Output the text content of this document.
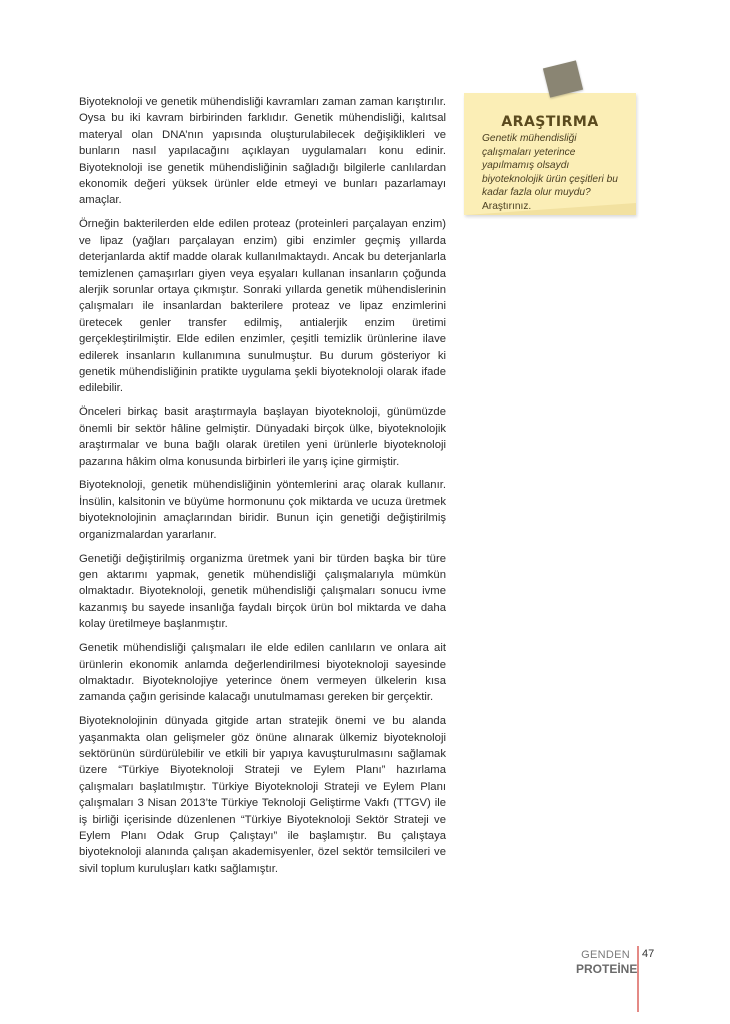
Biyoteknoloji ve genetik mühendisliği kavramları zaman zaman karıştırılır. Oysa bu iki kavram birbirinden farklıdır. Genetik mühendisliği, kalıtsal materyal olan DNA’nın yapısında oluşturulabilecek değişiklikleri ve bunların nasıl yapılacağını açıklayan uygulamaları konu edinir. Biyoteknoloji ise genetik mühendisliğinin sağladığı bilgilerle canlılardan ekonomik değeri yüksek ürünler elde etmeyi ve bunları pazarlamayı amaçlar.

Örneğin bakterilerden elde edilen proteaz (proteinleri parçalayan enzim) ve lipaz (yağları parçalayan enzim) gibi enzimler geçmiş yıllarda deterjanlarda aktif madde olarak kullanılmaktaydı. Ancak bu deterjanlarla temizlenen çamaşırları giyen veya eşyaları kullanan insanların çoğunda alerjik sorunlar ortaya çıkmıştır. Sonraki yıllarda genetik mühendislerinin çalışmaları ile insanlardan bakterilere proteaz ve lipaz enzimlerini üretecek genler transfer edilmiş, antialerjik enzim üretimi gerçekleştirilmiştir. Elde edilen enzimler, çeşitli temizlik ürünlerine ilave edilerek insanların kullanımına sunulmuştur. Bu durum gösteriyor ki genetik mühendisliğinin pratikte uygulama şekli biyoteknoloji olarak ifade edilebilir.

Önceleri birkaç basit araştırmayla başlayan biyoteknoloji, günümüzde önemli bir sektör hâline gelmiştir. Dünyadaki birçok ülke, biyoteknolojik araştırmalar ve buna bağlı olarak üretilen yeni ürünlerle biyoteknoloji pazarına hâkim olma konusunda birbirleri ile yarış içine girmiştir.

Biyoteknoloji, genetik mühendisliğinin yöntemlerini araç olarak kullanır. İnsülin, kalsitonin ve büyüme hormonunu çok miktarda ve ucuza üretmek biyoteknolojinin amaçlarından biridir. Bunun için genetiği değiştirilmiş organizmalardan yararlanır.

Genetiği değiştirilmiş organizma üretmek yani bir türden başka bir türe gen aktarımı yapmak, genetik mühendisliği çalışmalarıyla mümkün olmaktadır. Biyoteknoloji, genetik mühendisliği çalışmaları sonucu ivme kazanmış bu sayede insanlığa faydalı birçok ürün bol miktarda ve daha kolay üretilmeye başlanmıştır.

Genetik mühendisliği çalışmaları ile elde edilen canlıların ve onlara ait ürünlerin ekonomik anlamda değerlendirilmesi biyoteknoloji sayesinde olmaktadır. Biyoteknolojiye yeterince önem vermeyen ülkelerin kısa zamanda çağın gerisinde kalacağı unutulmaması gereken bir gerçektir.

Biyoteknolojinin dünyada gitgide artan stratejik önemi ve bu alanda yaşanmakta olan gelişmeler göz önüne alınarak ülkemiz biyoteknoloji sektörünün sürdürülebilir ve etkili bir yapıya kavuşturulmasını sağlamak üzere “Türkiye Biyoteknoloji Strateji ve Eylem Planı” hazırlama çalışmaları başlatılmıştır. Türkiye Biyoteknoloji Strateji ve Eylem Planı çalışmaları 3 Nisan 2013’te Türkiye Teknoloji Geliştirme Vakfı (TTGV) ile iş birliği içerisinde düzenlenen “Türkiye Biyoteknoloji Sektör Strateji ve Eylem Planı Odak Grup Çalıştayı” ile başlamıştır. Bu çalıştaya biyoteknoloji alanında çalışan akademisyenler, özel sektör temsilcileri ve sivil toplum kuruluşları katkı sağlamıştır.

ARAŞTIRMA
Genetik mühendisliği çalışmaları yeterince yapılmamış olsaydı biyoteknolojik ürün çeşitleri bu kadar fazla olur muydu? Araştırınız.
GENDEN
PROTEİNE
47
